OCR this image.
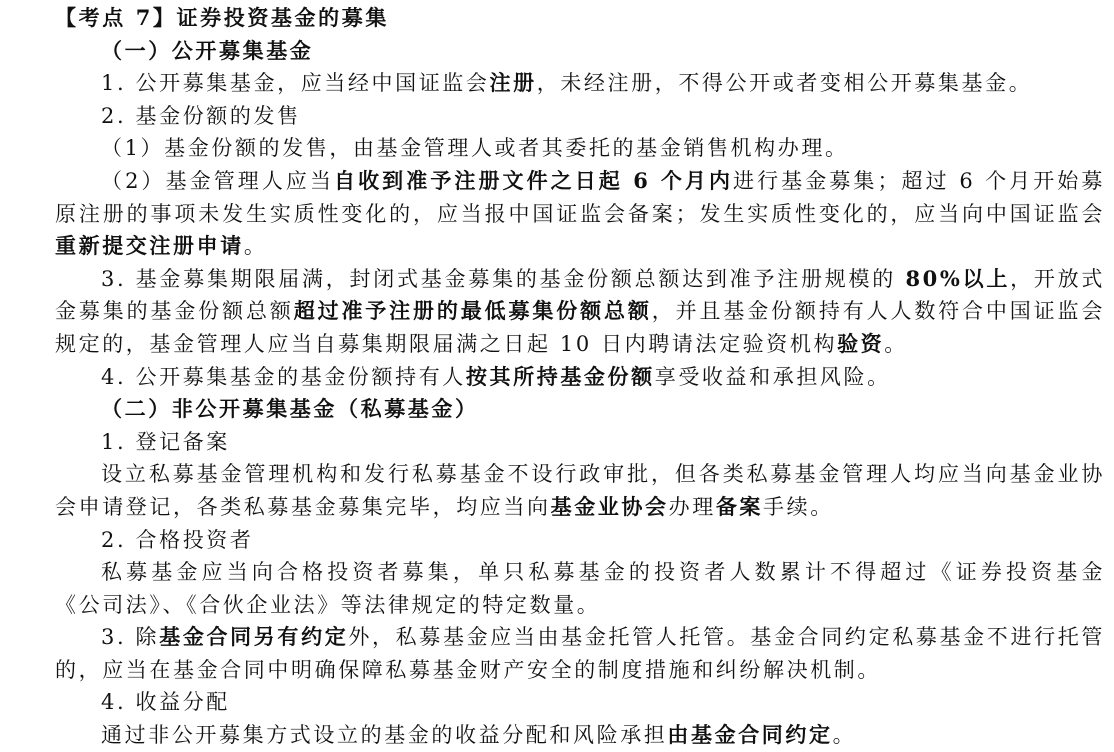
【考点 7】证券投资基金的募集
（一）公开募集基金
1. 公开募集基金，应当经中国证监会注册，未经注册，不得公开或者变相公开募集基金。
2. 基金份额的发售
（1）基金份额的发售，由基金管理人或者其委托的基金销售机构办理。
（2）基金管理人应当自收到准予注册文件之日起 6 个月内进行基金募集；超过 6 个月开始募
原注册的事项未发生实质性变化的，应当报中国证监会备案；发生实质性变化的，应当向中国证监会
重新提交注册申请。
3. 基金募集期限届满，封闭式基金募集的基金份额总额达到准予注册规模的 80%以上，开放式
金募集的基金份额总额超过准予注册的最低募集份额总额，并且基金份额持有人人数符合中国证监会
规定的，基金管理人应当自募集期限届满之日起 10 日内聘请法定验资机构验资。
4. 公开募集基金的基金份额持有人按其所持基金份额享受收益和承担风险。
（二）非公开募集基金（私募基金）
1. 登记备案
设立私募基金管理机构和发行私募基金不设行政审批，但各类私募基金管理人均应当向基金业协
会申请登记，各类私募基金募集完毕，均应当向基金业协会办理备案手续。
2. 合格投资者
私募基金应当向合格投资者募集，单只私募基金的投资者人数累计不得超过《证券投资基金
《公司法》、《合伙企业法》等法律规定的特定数量。
3. 除基金合同另有约定外，私募基金应当由基金托管人托管。基金合同约定私募基金不进行托管
的，应当在基金合同中明确保障私募基金财产安全的制度措施和纠纷解决机制。
4. 收益分配
通过非公开募集方式设立的基金的收益分配和风险承担由基金合同约定。
